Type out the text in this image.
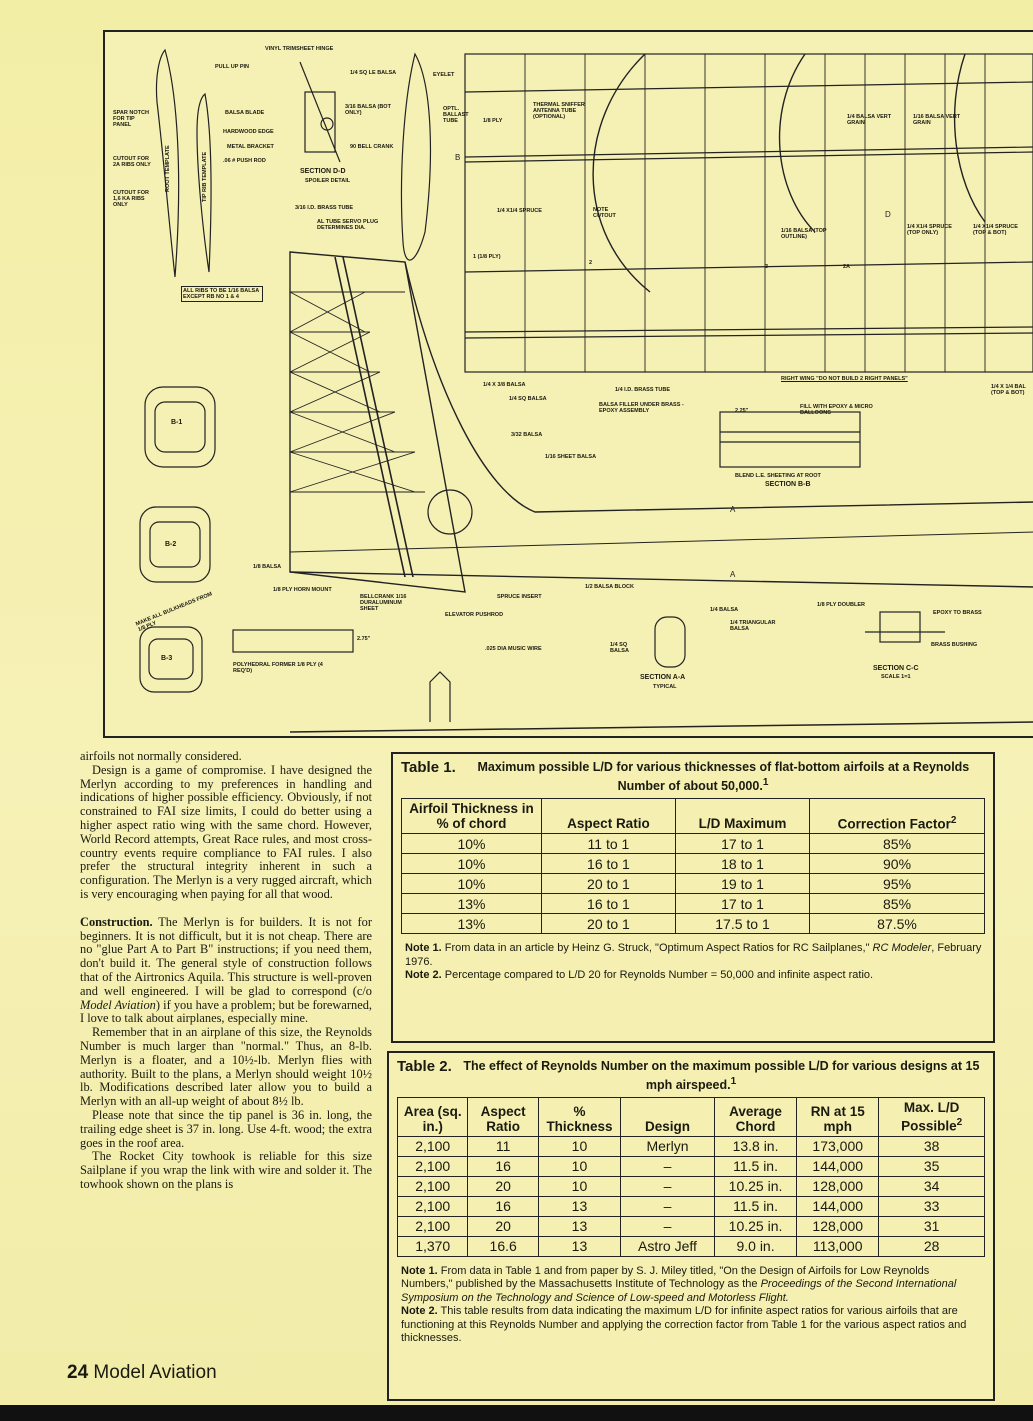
B
D
A
A
VINYL TRIMSHEET HINGE
PULL UP PIN
1/4 SQ LE BALSA	EYELET
BALSA BLADE
HARDWOOD EDGE
METAL BRACKET
.06 # PUSH ROD
3/16 BALSA (BOT ONLY)
90 BELL CRANK
SECTION D-D
SPOILER DETAIL
3/16 I.D. BRASS TUBE
AL TUBE SERVO PLUG DETERMINES DIA.
OPTL. BALLAST TUBE	1/8 PLY
THERMAL SNIFFER ANTENNA TUBE (OPTIONAL)
SPAR NOTCH FOR TIP PANEL
CUTOUT FOR 2A RIBS ONLY
CUTOUT FOR 1,6 KA RIBS ONLY
ROOT TEMPLATE	TIP RIB TEMPLATE
ALL RIBS TO BE 1/16 BALSA EXCEPT RB NO 1 & 4
1/4 X1/4 SPRUCE	NOTE CUTOUT
1 (1/8 PLY)
1/4 BALSA VERT GRAIN
1/16 BALSA VERT GRAIN
1/16 BALSA (TOP OUTLINE)
1/4 X1/4 SPRUCE (TOP ONLY)
1/4 X1/4 SPRUCE (TOP & BOT)
RIGHT WING "DO NOT BUILD 2 RIGHT PANELS"
1/4 X 1/4 BAL (TOP & BOT)
1/4 X 3/8 BALSA
1/4 SQ BALSA
1/4 I.D. BRASS TUBE
BALSA FILLER UNDER BRASS - EPOXY ASSEMBLY
3/32 BALSA
1/16 SHEET BALSA
FILL WITH EPOXY & MICRO BALLOONS
BLEND L.E. SHEETING AT ROOT
SECTION B-B
1/8 BALSA
1/8 PLY HORN MOUNT
BELLCRANK 1/16 DURALUMINUM SHEET
SPRUCE INSERT
ELEVATOR PUSHROD
1/2 BALSA BLOCK
.025 DIA MUSIC WIRE
1/4 BALSA
1/4 TRIANGULAR BALSA
1/4 SQ BALSA
SECTION A-A
TYPICAL
1/8 PLY DOUBLER
EPOXY TO BRASS
BRASS BUSHING
SECTION C-C
SCALE 1=1
MAKE ALL BULKHEADS FROM 1/8 PLY
POLYHEDRAL FORMER 1/8 PLY (4 REQ'D)
B-1
B-2
B-3
2.75"
2.25"
2
2A
3

airfoils not normally considered.

Design is a game of compromise. I have designed the Merlyn according to my preferences in handling and indications of higher possible efficiency. Obviously, if not constrained to FAI size limits, I could do better using a higher aspect ratio wing with the same chord. However, World Record attempts, Great Race rules, and most cross-country events require compliance to FAI rules. I also prefer the structural integrity inherent in such a configuration. The Merlyn is a very rugged aircraft, which is very encouraging when paying for all that wood.

Construction. The Merlyn is for builders. It is not for beginners. It is not difficult, but it is not cheap. There are no "glue Part A to Part B" instructions; if you need them, don't build it. The general style of construction follows that of the Airtronics Aquila. This structure is well-proven and well engineered. I will be glad to correspond (c/o Model Aviation) if you have a problem; but be forewarned, I love to talk about airplanes, especially mine.

Remember that in an airplane of this size, the Reynolds Number is much larger than "normal." Thus, an 8-lb. Merlyn is a floater, and a 10½-lb. Merlyn flies with authority. Built to the plans, a Merlyn should weight 10½ lb. Modifications described later allow you to build a Merlyn with an all-up weight of about 8½ lb.

Please note that since the tip panel is 36 in. long, the trailing edge sheet is 37 in. long. Use 4-ft. wood; the extra goes in the roof area.

The Rocket City towhook is reliable for this size Sailplane if you wrap the link with wire and solder it. The towhook shown on the plans is

24 Model Aviation
Table 1. Maximum possible L/D for various thicknesses of flat-bottom airfoils at a Reynolds Number of about 50,000.$^1$
Airfoil Thickness in % of chord	Aspect Ratio	L/D Maximum	Correction Factor$^2$
10%	11 to 1	17 to 1	85%
10%	16 to 1	18 to 1	90%
10%	20 to 1	19 to 1	95%
13%	16 to 1	17 to 1	85%
13%	20 to 1	17.5 to 1	87.5%
Note 1. From data in an article by Heinz G. Struck, "Optimum Aspect Ratios for RC Sailplanes," RC Modeler, February 1976.
Note 2. Percentage compared to L/D 20 for Reynolds Number = 50,000 and infinite aspect ratio.
Table 2. The effect of Reynolds Number on the maximum possible L/D for various designs at 15 mph airspeed.$^1$
Area (sq. in.)	Aspect Ratio	% Thickness	Design	Average Chord	RN at 15 mph	Max. L/D Possible$^2$
2,100	11	10	Merlyn	13.8 in.	173,000	38
2,100	16	10	–	11.5 in.	144,000	35
2,100	20	10	–	10.25 in.	128,000	34
2,100	16	13	–	11.5 in.	144,000	33
2,100	20	13	–	10.25 in.	128,000	31
1,370	16.6	13	Astro Jeff	9.0 in.	113,000	28
Note 1. From data in Table 1 and from paper by S. J. Miley titled, "On the Design of Airfoils for Low Reynolds Numbers," published by the Massachusetts Institute of Technology as the Proceedings of the Second International Symposium on the Technology and Science of Low-speed and Motorless Flight.
Note 2. This table results from data indicating the maximum L/D for infinite aspect ratios for various airfoils that are functioning at this Reynolds Number and applying the correction factor from Table 1 for the various aspect ratios and thicknesses.
